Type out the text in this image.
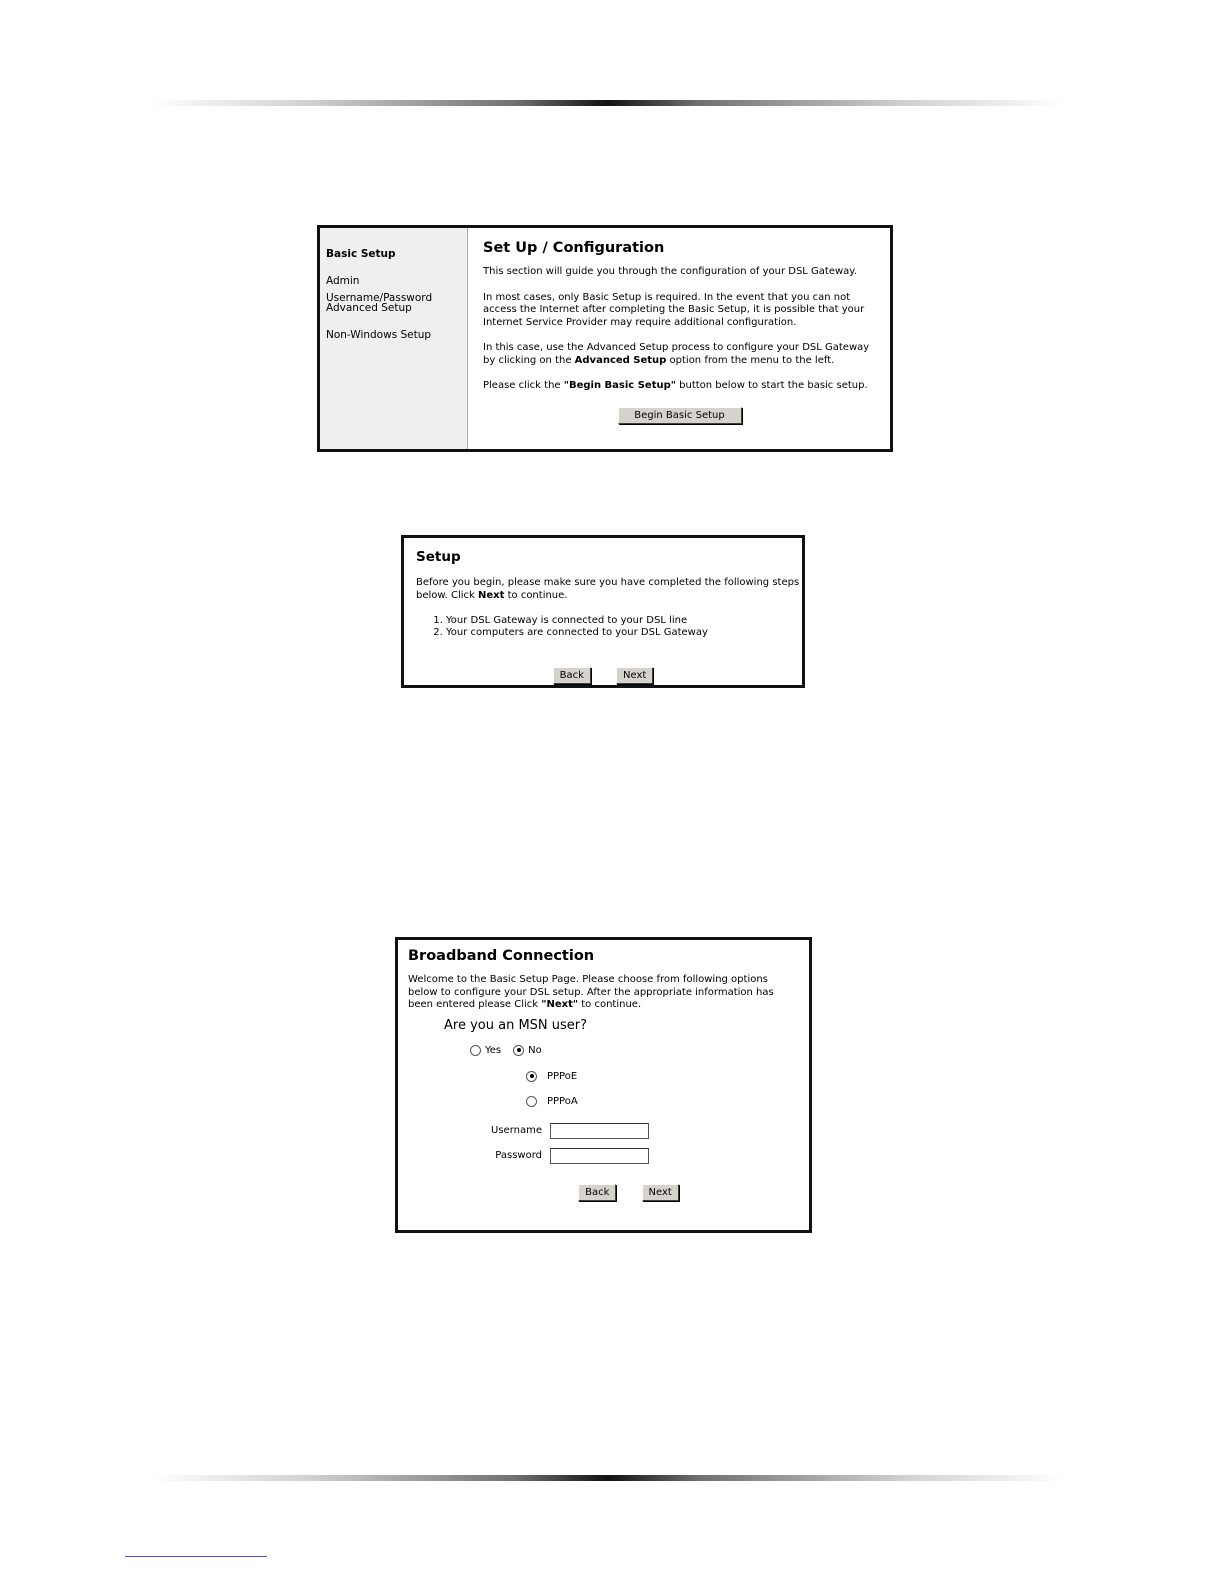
Basic Setup
Admin Username/Password
Advanced Setup
Non-Windows Setup
Set Up / Configuration

This section will guide you through the configuration of your DSL Gateway.

In most cases, only Basic Setup is required. In the event that you can not access the Internet after completing the Basic Setup, it is possible that your Internet Service Provider may require additional configuration.

In this case, use the Advanced Setup process to configure your DSL Gateway by clicking on the Advanced Setup option from the menu to the left.

Please click the "Begin Basic Setup" button below to start the basic setup.

Begin Basic Setup
Setup

Before you begin, please make sure you have completed the following steps below. Click Next to continue.

1. Your DSL Gateway is connected to your DSL line
2. Your computers are connected to your DSL Gateway
Back	Next
Broadband Connection

Welcome to the Basic Setup Page. Please choose from following options below to configure your DSL setup. After the appropriate information has been entered please Click "Next" to continue.

Are you an MSN user?
Yes	No
PPPoE
PPPoA
Username
Password
Back	Next
